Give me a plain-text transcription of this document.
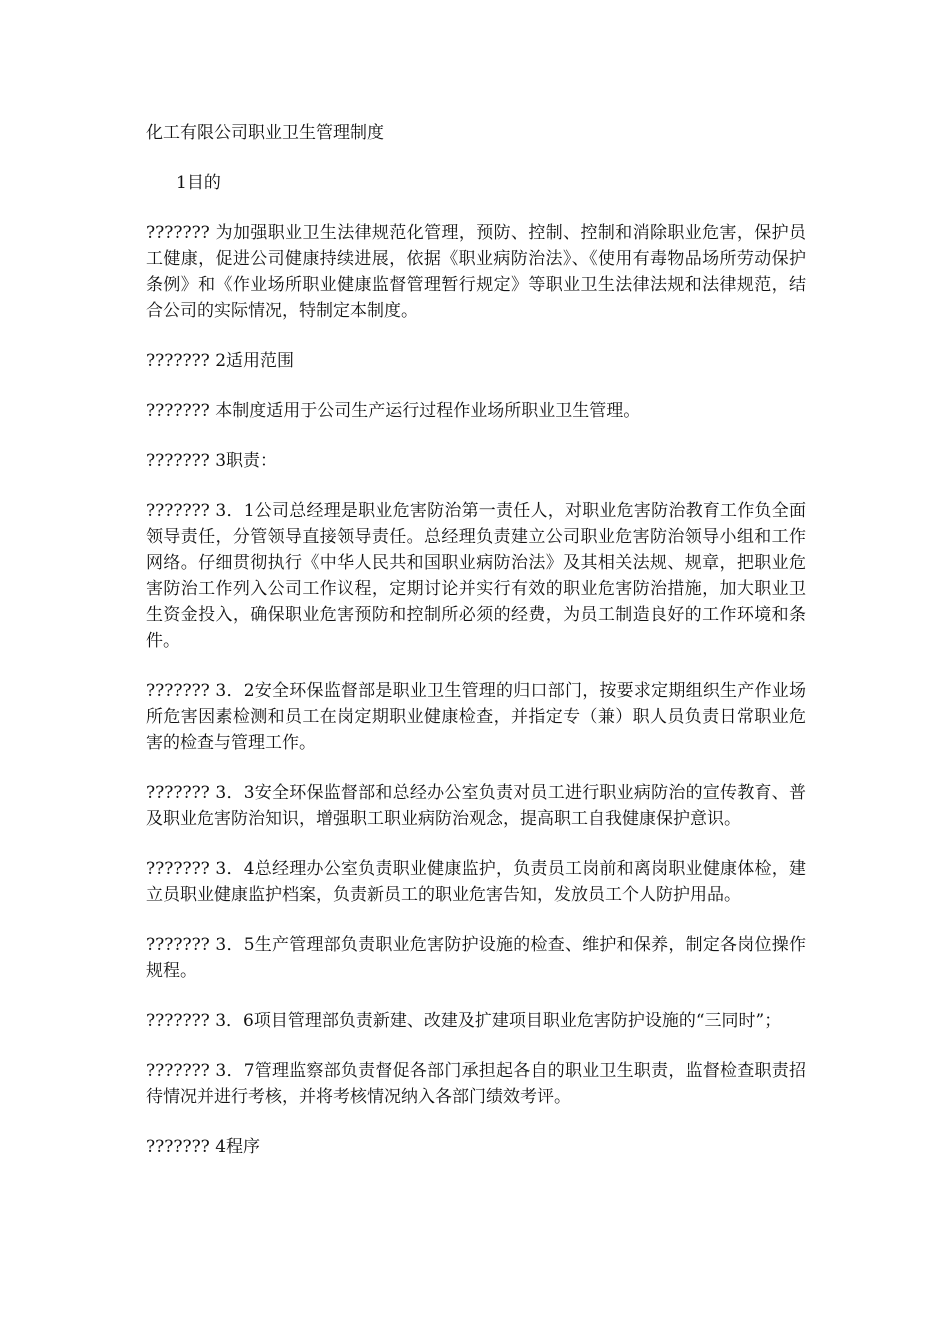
化工有限公司职业卫生管理制度
1目的
??????? 为加强职业卫生法律规范化管理，预防、控制、控制和消除职业危害，保护员工健康，促进公司健康持续进展，依据《职业病防治法》、《使用有毒物品场所劳动保护条例》和《作业场所职业健康监督管理暂行规定》等职业卫生法律法规和法律规范，结合公司的实际情况，特制定本制度。
??????? 2适用范围
??????? 本制度适用于公司生产运行过程作业场所职业卫生管理。
??????? 3职责：
??????? 3．1公司总经理是职业危害防治第一责任人，对职业危害防治教育工作负全面领导责任，分管领导直接领导责任。总经理负责建立公司职业危害防治领导小组和工作网络。仔细贯彻执行《中华人民共和国职业病防治法》及其相关法规、规章，把职业危害防治工作列入公司工作议程，定期讨论并实行有效的职业危害防治措施，加大职业卫生资金投入，确保职业危害预防和控制所必须的经费，为员工制造良好的工作环境和条件。
??????? 3．2安全环保监督部是职业卫生管理的归口部门，按要求定期组织生产作业场所危害因素检测和员工在岗定期职业健康检查，并指定专（兼）职人员负责日常职业危害的检查与管理工作。
??????? 3．3安全环保监督部和总经办公室负责对员工进行职业病防治的宣传教育、普及职业危害防治知识，增强职工职业病防治观念，提高职工自我健康保护意识。
??????? 3．4总经理办公室负责职业健康监护，负责员工岗前和离岗职业健康体检，建立员职业健康监护档案，负责新员工的职业危害告知，发放员工个人防护用品。
??????? 3．5生产管理部负责职业危害防护设施的检查、维护和保养，制定各岗位操作规程。
??????? 3．6项目管理部负责新建、改建及扩建项目职业危害防护设施的“三同时”；
??????? 3．7管理监察部负责督促各部门承担起各自的职业卫生职责，监督检查职责招待情况并进行考核，并将考核情况纳入各部门绩效考评。
??????? 4程序
